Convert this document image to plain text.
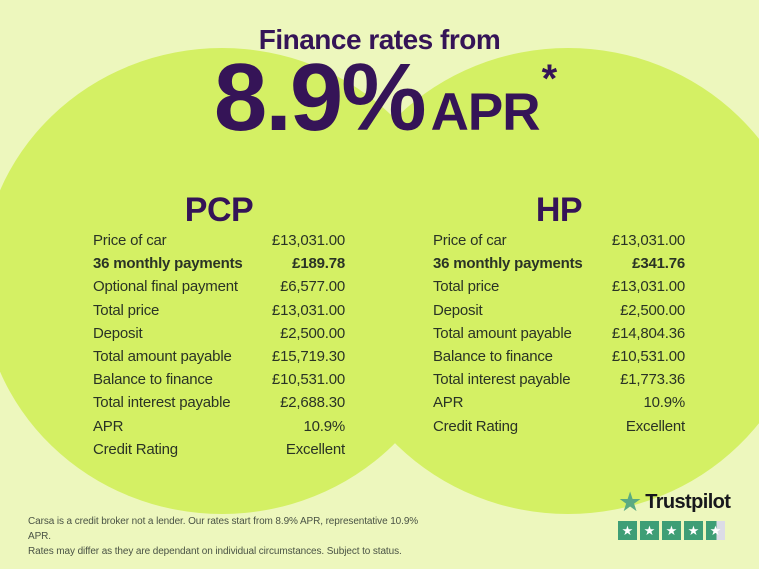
Finance rates from
8.9% APR
*
PCP	HP
Price of car	£13,031.00
36 monthly payments	£189.78
Optional final payment	£6,577.00
Total price	£13,031.00
Deposit	£2,500.00
Total amount payable	£15,719.30
Balance to finance	£10,531.00
Total interest payable	£2,688.30
APR	10.9%
Credit Rating	Excellent
Price of car	£13,031.00
36 monthly payments	£341.76
Total price	£13,031.00
Deposit	£2,500.00
Total amount payable	£14,804.36
Balance to finance	£10,531.00
Total interest payable	£1,773.36
APR	10.9%
Credit Rating	Excellent
Carsa is a credit broker not a lender. Our rates start from 8.9% APR, representative 10.9% APR.
Rates may differ as they are dependant on individual circumstances. Subject to status.
★ Trustpilot
★ ★ ★ ★ ★
